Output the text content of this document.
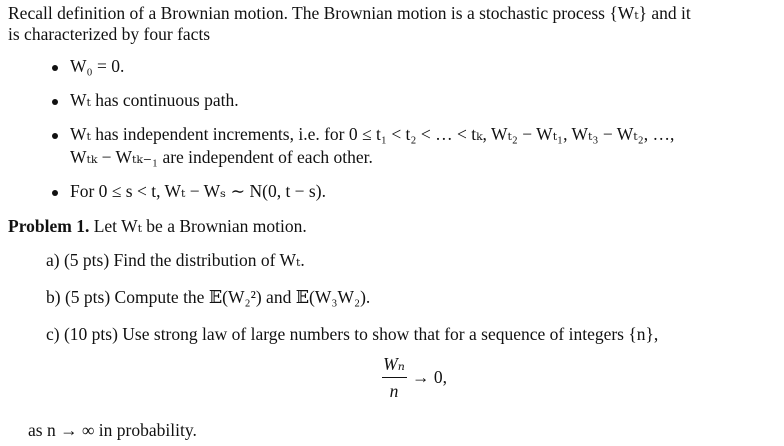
Recall definition of a Brownian motion. The Brownian motion is a stochastic process {Wₜ} and it
is characterized by four facts
W₀ = 0.
Wₜ has continuous path.
Wₜ has independent increments, i.e. for 0 ≤ t₁ < t₂ < … < tₖ, Wₜ₂ − Wₜ₁, Wₜ₃ − Wₜ₂, …,
Wₜₖ − Wₜₖ₋₁ are independent of each other.
For 0 ≤ s < t, Wₜ − Wₛ ∼ N(0, t − s).
Problem 1. Let Wₜ be a Brownian motion.
a) (5 pts) Find the distribution of Wₜ.
b) (5 pts) Compute the 𝔼(W₂²) and 𝔼(W₃W₂).
c) (10 pts) Use strong law of large numbers to show that for a sequence of integers {n},
Wₙ
n
→ 0,
as n → ∞ in probability.
